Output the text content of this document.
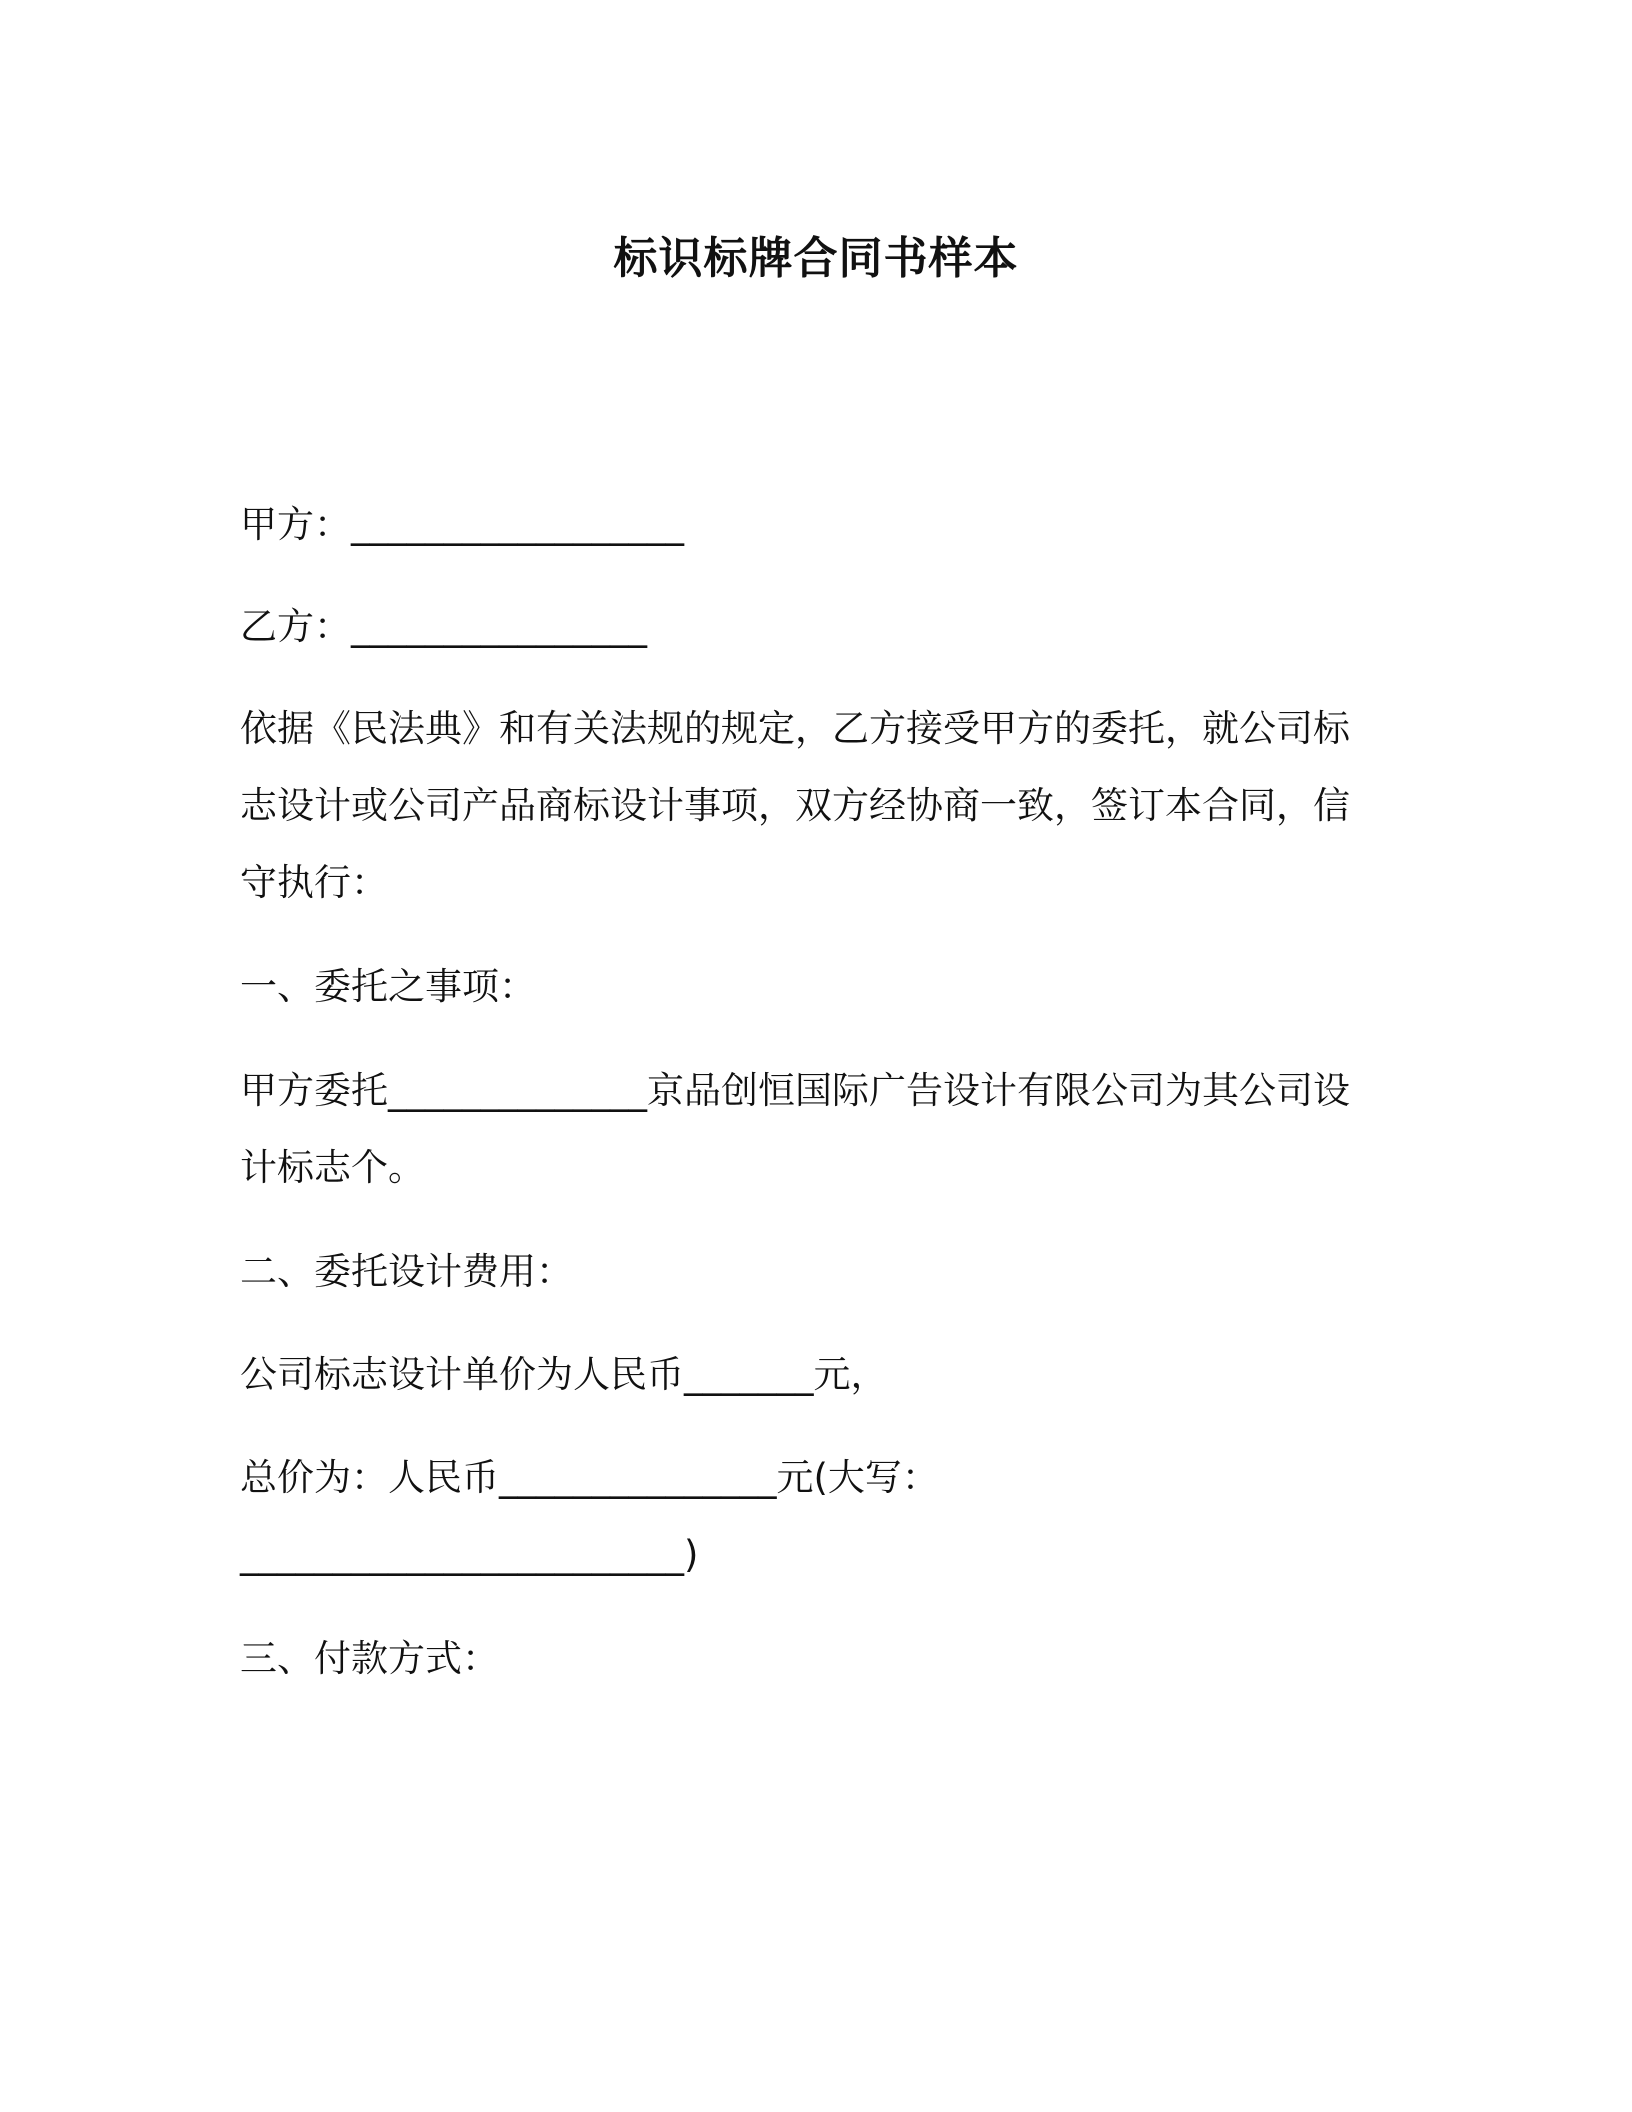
标识标牌合同书样本
甲方：__________________
乙方：________________
依据《民法典》和有关法规的规定，乙方接受甲方的委托，就公司标
志设计或公司产品商标设计事项，双方经协商一致，签订本合同，信
守执行：
一、委托之事项：
甲方委托______________京品创恒国际广告设计有限公司为其公司设
计标志个。
二、委托设计费用：
公司标志设计单价为人民币_______元，
总价为：人民币_______________元(大写：
________________________)
三、付款方式：
